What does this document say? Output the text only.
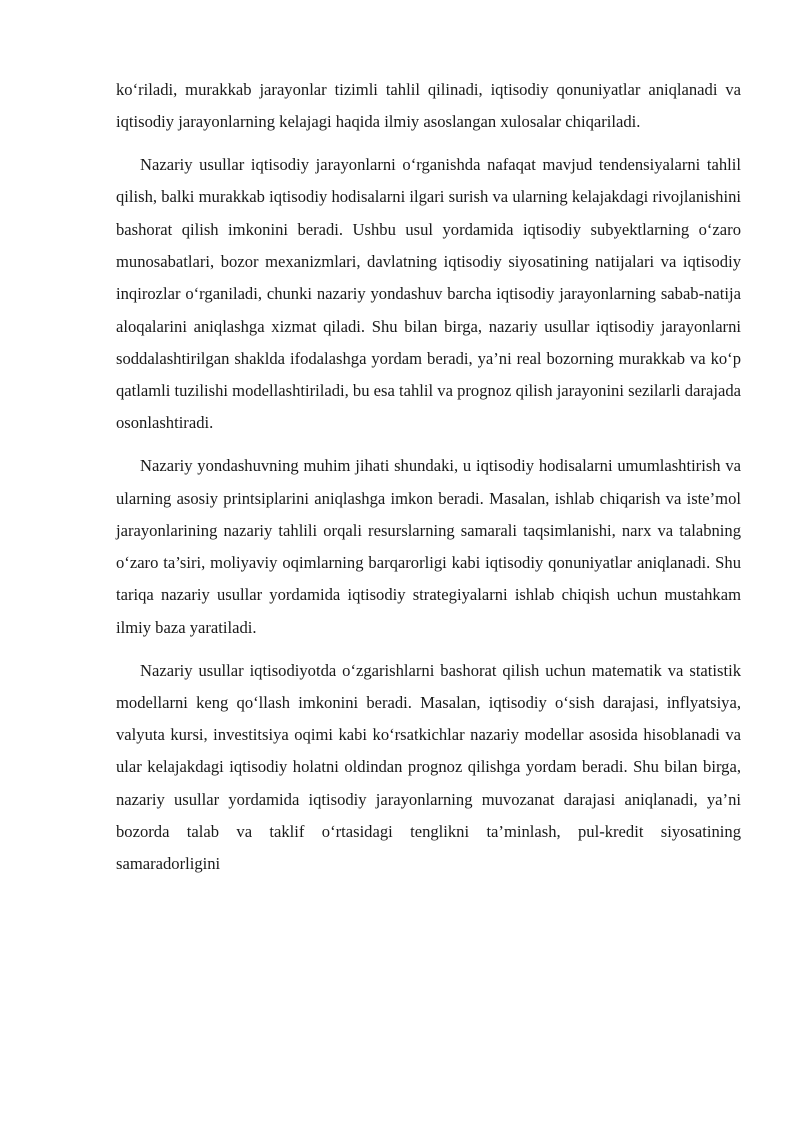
ko‘riladi, murakkab jarayonlar tizimli tahlil qilinadi, iqtisodiy qonuniyatlar aniqlanadi va iqtisodiy jarayonlarning kelajagi haqida ilmiy asoslangan xulosalar chiqariladi.

Nazariy usullar iqtisodiy jarayonlarni o‘rganishda nafaqat mavjud tendensiyalarni tahlil qilish, balki murakkab iqtisodiy hodisalarni ilgari surish va ularning kelajakdagi rivojlanishini bashorat qilish imkonini beradi. Ushbu usul yordamida iqtisodiy subyektlarning o‘zaro munosabatlari, bozor mexanizmlari, davlatning iqtisodiy siyosatining natijalari va iqtisodiy inqirozlar o‘rganiladi, chunki nazariy yondashuv barcha iqtisodiy jarayonlarning sabab-natija aloqalarini aniqlashga xizmat qiladi. Shu bilan birga, nazariy usullar iqtisodiy jarayonlarni soddalashtirilgan shaklda ifodalashga yordam beradi, ya’ni real bozorning murakkab va ko‘p qatlamli tuzilishi modellashtiriladi, bu esa tahlil va prognoz qilish jarayonini sezilarli darajada osonlashtiradi.

Nazariy yondashuvning muhim jihati shundaki, u iqtisodiy hodisalarni umumlashtirish va ularning asosiy printsiplarini aniqlashga imkon beradi. Masalan, ishlab chiqarish va iste’mol jarayonlarining nazariy tahlili orqali resurslarning samarali taqsimlanishi, narx va talabning o‘zaro ta’siri, moliyaviy oqimlarning barqarorligi kabi iqtisodiy qonuniyatlar aniqlanadi. Shu tariqa nazariy usullar yordamida iqtisodiy strategiyalarni ishlab chiqish uchun mustahkam ilmiy baza yaratiladi.

Nazariy usullar iqtisodiyotda o‘zgarishlarni bashorat qilish uchun matematik va statistik modellarni keng qo‘llash imkonini beradi. Masalan, iqtisodiy o‘sish darajasi, inflyatsiya, valyuta kursi, investitsiya oqimi kabi ko‘rsatkichlar nazariy modellar asosida hisoblanadi va ular kelajakdagi iqtisodiy holatni oldindan prognoz qilishga yordam beradi. Shu bilan birga, nazariy usullar yordamida iqtisodiy jarayonlarning muvozanat darajasi aniqlanadi, ya’ni bozorda talab va taklif o‘rtasidagi tenglikni ta’minlash, pul-kredit siyosatining samaradorligini
